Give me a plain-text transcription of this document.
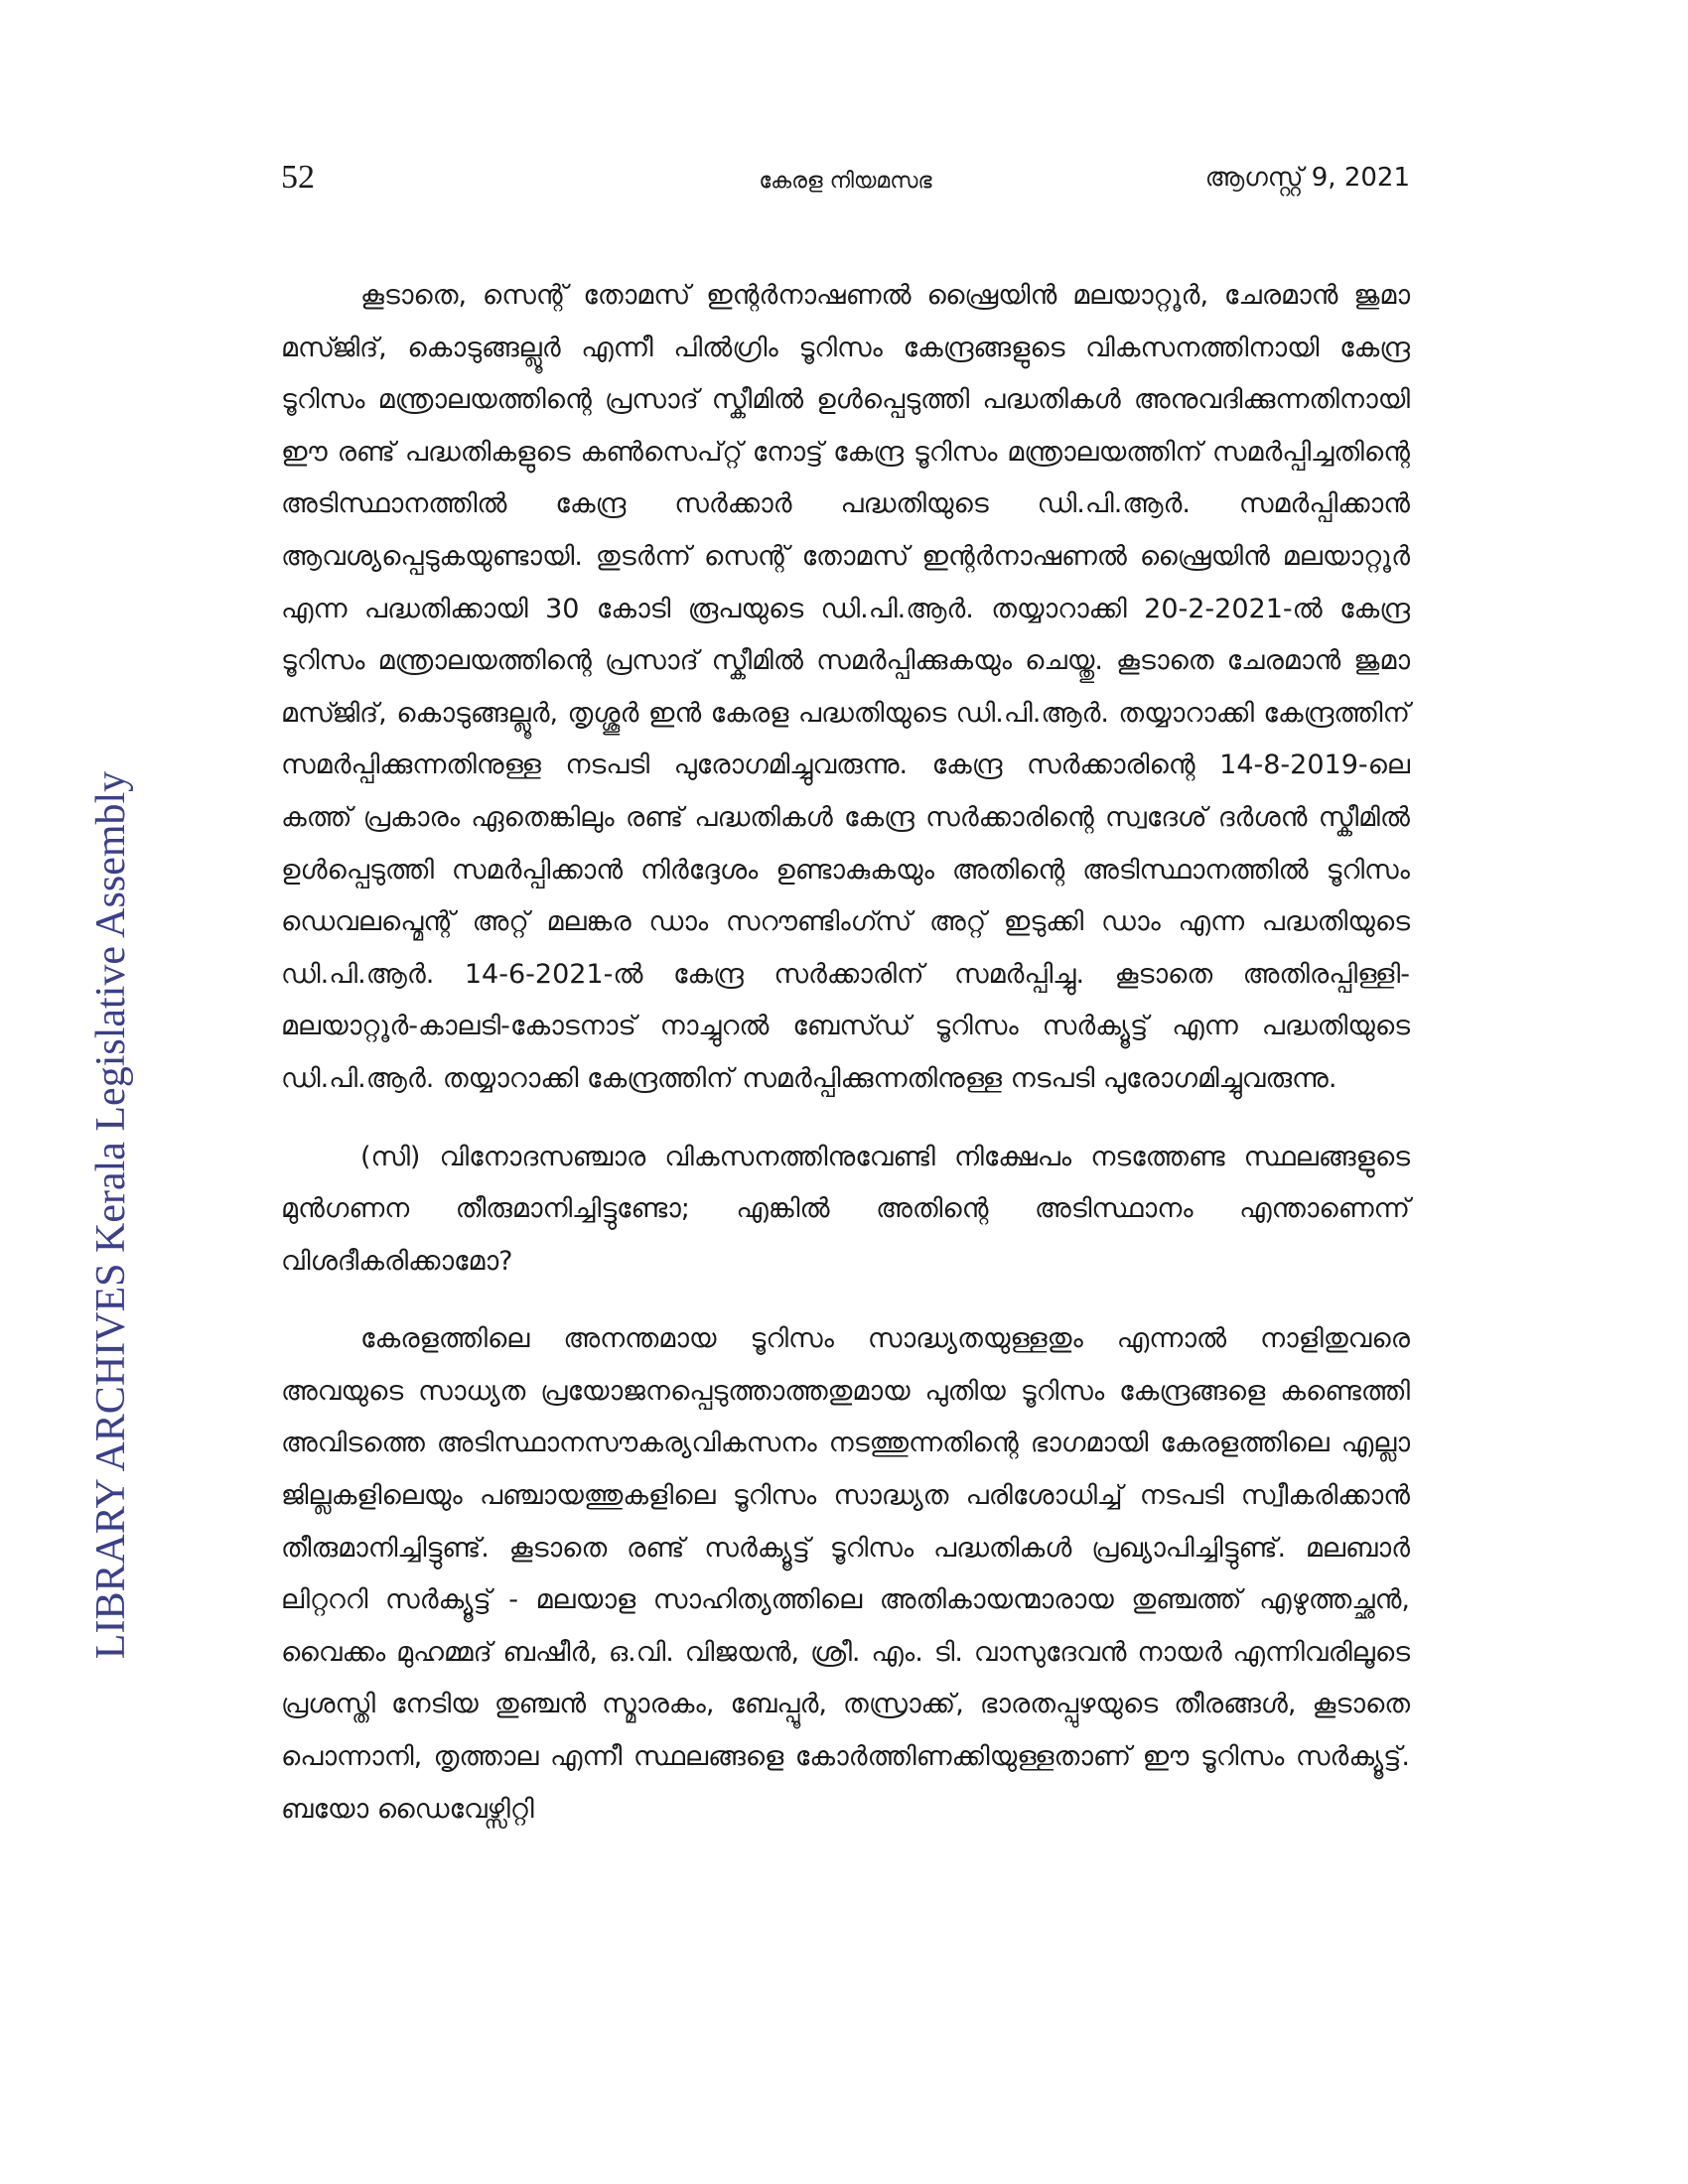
52	കേരള നിയമസഭ	ആഗസ്റ്റ് 9, 2021
LIBRARY ARCHIVES Kerala Legislative Assembly

കൂടാതെ, സെന്റ് തോമസ് ഇന്റർനാഷണൽ ഷ്രൈയിൻ മലയാറ്റൂർ, ചേരമാൻ ജുമാ മസ്ജിദ്, കൊടുങ്ങല്ലൂർ എന്നീ പിൽഗ്രിം ടൂറിസം കേന്ദ്രങ്ങളുടെ വികസനത്തിനായി കേന്ദ്ര ടൂറിസം മന്ത്രാലയത്തിന്റെ പ്രസാദ് സ്കീമിൽ ഉൾപ്പെടുത്തി പദ്ധതികൾ അനുവദിക്കുന്നതിനായി ഈ രണ്ട് പദ്ധതികളുടെ കൺസെപ്റ്റ് നോട്ട് കേന്ദ്ര ടൂറിസം മന്ത്രാലയത്തിന് സമർപ്പിച്ചതിന്റെ അടിസ്ഥാനത്തിൽ കേന്ദ്ര സർക്കാർ പദ്ധതിയുടെ ഡി.പി.ആർ. സമർപ്പിക്കാൻ ആവശ്യപ്പെടുകയുണ്ടായി. തുടർന്ന് സെന്റ് തോമസ് ഇന്റർനാഷണൽ ഷ്രൈയിൻ മലയാറ്റൂർ എന്ന പദ്ധതിക്കായി 30 കോടി രൂപയുടെ ഡി.പി.ആർ. തയ്യാറാക്കി 20-2-2021-ൽ കേന്ദ്ര ടൂറിസം മന്ത്രാലയത്തിന്റെ പ്രസാദ് സ്കീമിൽ സമർപ്പിക്കുകയും ചെയ്തു. കൂടാതെ ചേരമാൻ ജുമാ മസ്ജിദ്, കൊടുങ്ങല്ലൂർ, തൃശ്ശൂർ ഇൻ കേരള പദ്ധതിയുടെ ഡി.പി.ആർ. തയ്യാറാക്കി കേന്ദ്രത്തിന് സമർപ്പിക്കുന്നതിനുള്ള നടപടി പുരോഗമിച്ചുവരുന്നു. കേന്ദ്ര സർക്കാരിന്റെ 14-8-2019-ലെ കത്ത് പ്രകാരം ഏതെങ്കിലും രണ്ട് പദ്ധതികൾ കേന്ദ്ര സർക്കാരിന്റെ സ്വദേശ് ദർശൻ സ്കീമിൽ ഉൾപ്പെടുത്തി സമർപ്പിക്കാൻ നിർദ്ദേശം ഉണ്ടാകുകയും അതിന്റെ അടിസ്ഥാനത്തിൽ ടൂറിസം ഡെവലപ്മെന്റ് അറ്റ് മലങ്കര ഡാം സറൗണ്ടിംഗ്സ് അറ്റ് ഇടുക്കി ഡാം എന്ന പദ്ധതിയുടെ ഡി.പി.ആർ. 14-6-2021-ൽ കേന്ദ്ര സർക്കാരിന് സമർപ്പിച്ചു. കൂടാതെ അതിരപ്പിള്ളി- മലയാറ്റൂർ-കാലടി-കോടനാട് നാച്ചുറൽ ബേസ്ഡ് ടൂറിസം സർക്യൂട്ട് എന്ന പദ്ധതിയുടെ ഡി.പി.ആർ. തയ്യാറാക്കി കേന്ദ്രത്തിന് സമർപ്പിക്കുന്നതിനുള്ള നടപടി പുരോഗമിച്ചുവരുന്നു.

(സി) വിനോദസഞ്ചാര വികസനത്തിനുവേണ്ടി നിക്ഷേപം നടത്തേണ്ട സ്ഥലങ്ങളുടെ മുൻഗണന തീരുമാനിച്ചിട്ടുണ്ടോ; എങ്കിൽ അതിന്റെ അടിസ്ഥാനം എന്താണെന്ന് വിശദീകരിക്കാമോ?

കേരളത്തിലെ അനന്തമായ ടൂറിസം സാദ്ധ്യതയുള്ളതും എന്നാൽ നാളിതുവരെ അവയുടെ സാധ്യത പ്രയോജനപ്പെടുത്താത്തതുമായ പുതിയ ടൂറിസം കേന്ദ്രങ്ങളെ കണ്ടെത്തി അവിടത്തെ അടിസ്ഥാനസൗകര്യവികസനം നടത്തുന്നതിന്റെ ഭാഗമായി കേരളത്തിലെ എല്ലാ ജില്ലകളിലെയും പഞ്ചായത്തുകളിലെ ടൂറിസം സാദ്ധ്യത പരിശോധിച്ച് നടപടി സ്വീകരിക്കാൻ തീരുമാനിച്ചിട്ടുണ്ട്. കൂടാതെ രണ്ട് സർക്യൂട്ട് ടൂറിസം പദ്ധതികൾ പ്രഖ്യാപിച്ചിട്ടുണ്ട്. മലബാർ ലിറ്റററി സർക്യൂട്ട് - മലയാള സാഹിത്യത്തിലെ അതികായന്മാരായ തുഞ്ചത്ത് എഴുത്തച്ഛൻ, വൈക്കം മുഹമ്മദ് ബഷീർ, ഒ.വി. വിജയൻ, ശ്രീ. എം. ടി. വാസുദേവൻ നായർ എന്നിവരിലൂടെ പ്രശസ്തി നേടിയ തുഞ്ചൻ സ്മാരകം, ബേപ്പൂർ, തസ്രാക്ക്, ഭാരതപ്പുഴയുടെ തീരങ്ങൾ, കൂടാതെ പൊന്നാനി, തൃത്താല എന്നീ സ്ഥലങ്ങളെ കോർത്തിണക്കിയുള്ളതാണ് ഈ ടൂറിസം സർക്യൂട്ട്. ബയോ ഡൈവേഴ്സിറ്റി
